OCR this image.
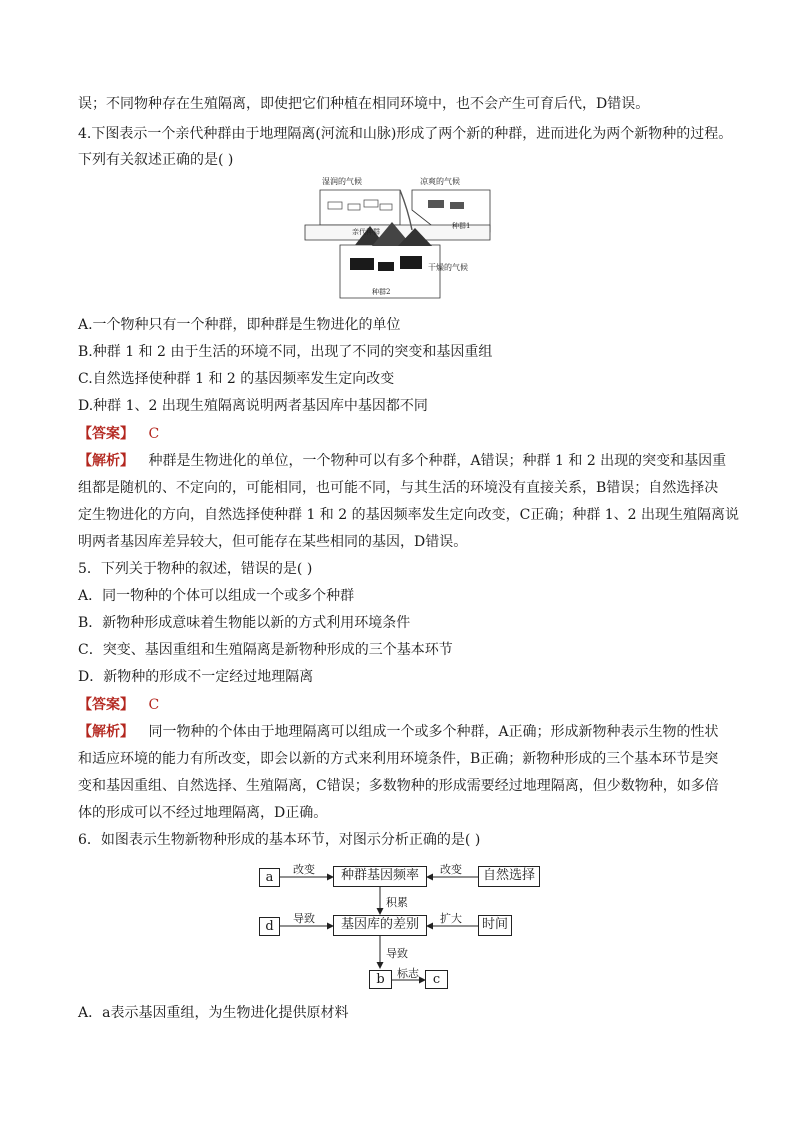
误；不同物种存在生殖隔离，即使把它们种植在相同环境中，也不会产生可育后代，D错误。
4.下图表示一个亲代种群由于地理隔离(河流和山脉)形成了两个新的种群，进而进化为两个新物种的过程。
下列有关叙述正确的是( )
湿润的气候	凉爽的气候
亲代种群
种群1
干燥的气候
种群2
A.一个物种只有一个种群，即种群是生物进化的单位
B.种群 1 和 2 由于生活的环境不同，出现了不同的突变和基因重组
C.自然选择使种群 1 和 2 的基因频率发生定向改变
D.种群 1、2 出现生殖隔离说明两者基因库中基因都不同
【答案】 C
【解析】 种群是生物进化的单位，一个物种可以有多个种群，A错误；种群 1 和 2 出现的突变和基因重
组都是随机的、不定向的，可能相同，也可能不同，与其生活的环境没有直接关系，B错误；自然选择决
定生物进化的方向，自然选择使种群 1 和 2 的基因频率发生定向改变，C正确；种群 1、2 出现生殖隔离说
明两者基因库差异较大，但可能存在某些相同的基因，D错误。
5．下列关于物种的叙述，错误的是( )
A．同一物种的个体可以组成一个或多个种群
B．新物种形成意味着生物能以新的方式利用环境条件
C．突变、基因重组和生殖隔离是新物种形成的三个基本环节
D．新物种的形成不一定经过地理隔离
【答案】 C
【解析】 同一物种的个体由于地理隔离可以组成一个或多个种群，A正确；形成新物种表示生物的性状
和适应环境的能力有所改变，即会以新的方式来利用环境条件，B正确；新物种形成的三个基本环节是突
变和基因重组、自然选择、生殖隔离，C错误；多数物种的形成需要经过地理隔离，但少数物种，如多倍
体的形成可以不经过地理隔离，D正确。
6．如图表示生物新物种形成的基本环节，对图示分析正确的是( )
a	种群基因频率	自然选择
d	基因库的差别	时间
b	c
改变	改变
积累
导致	扩大
导致
标志
A．a表示基因重组，为生物进化提供原材料
